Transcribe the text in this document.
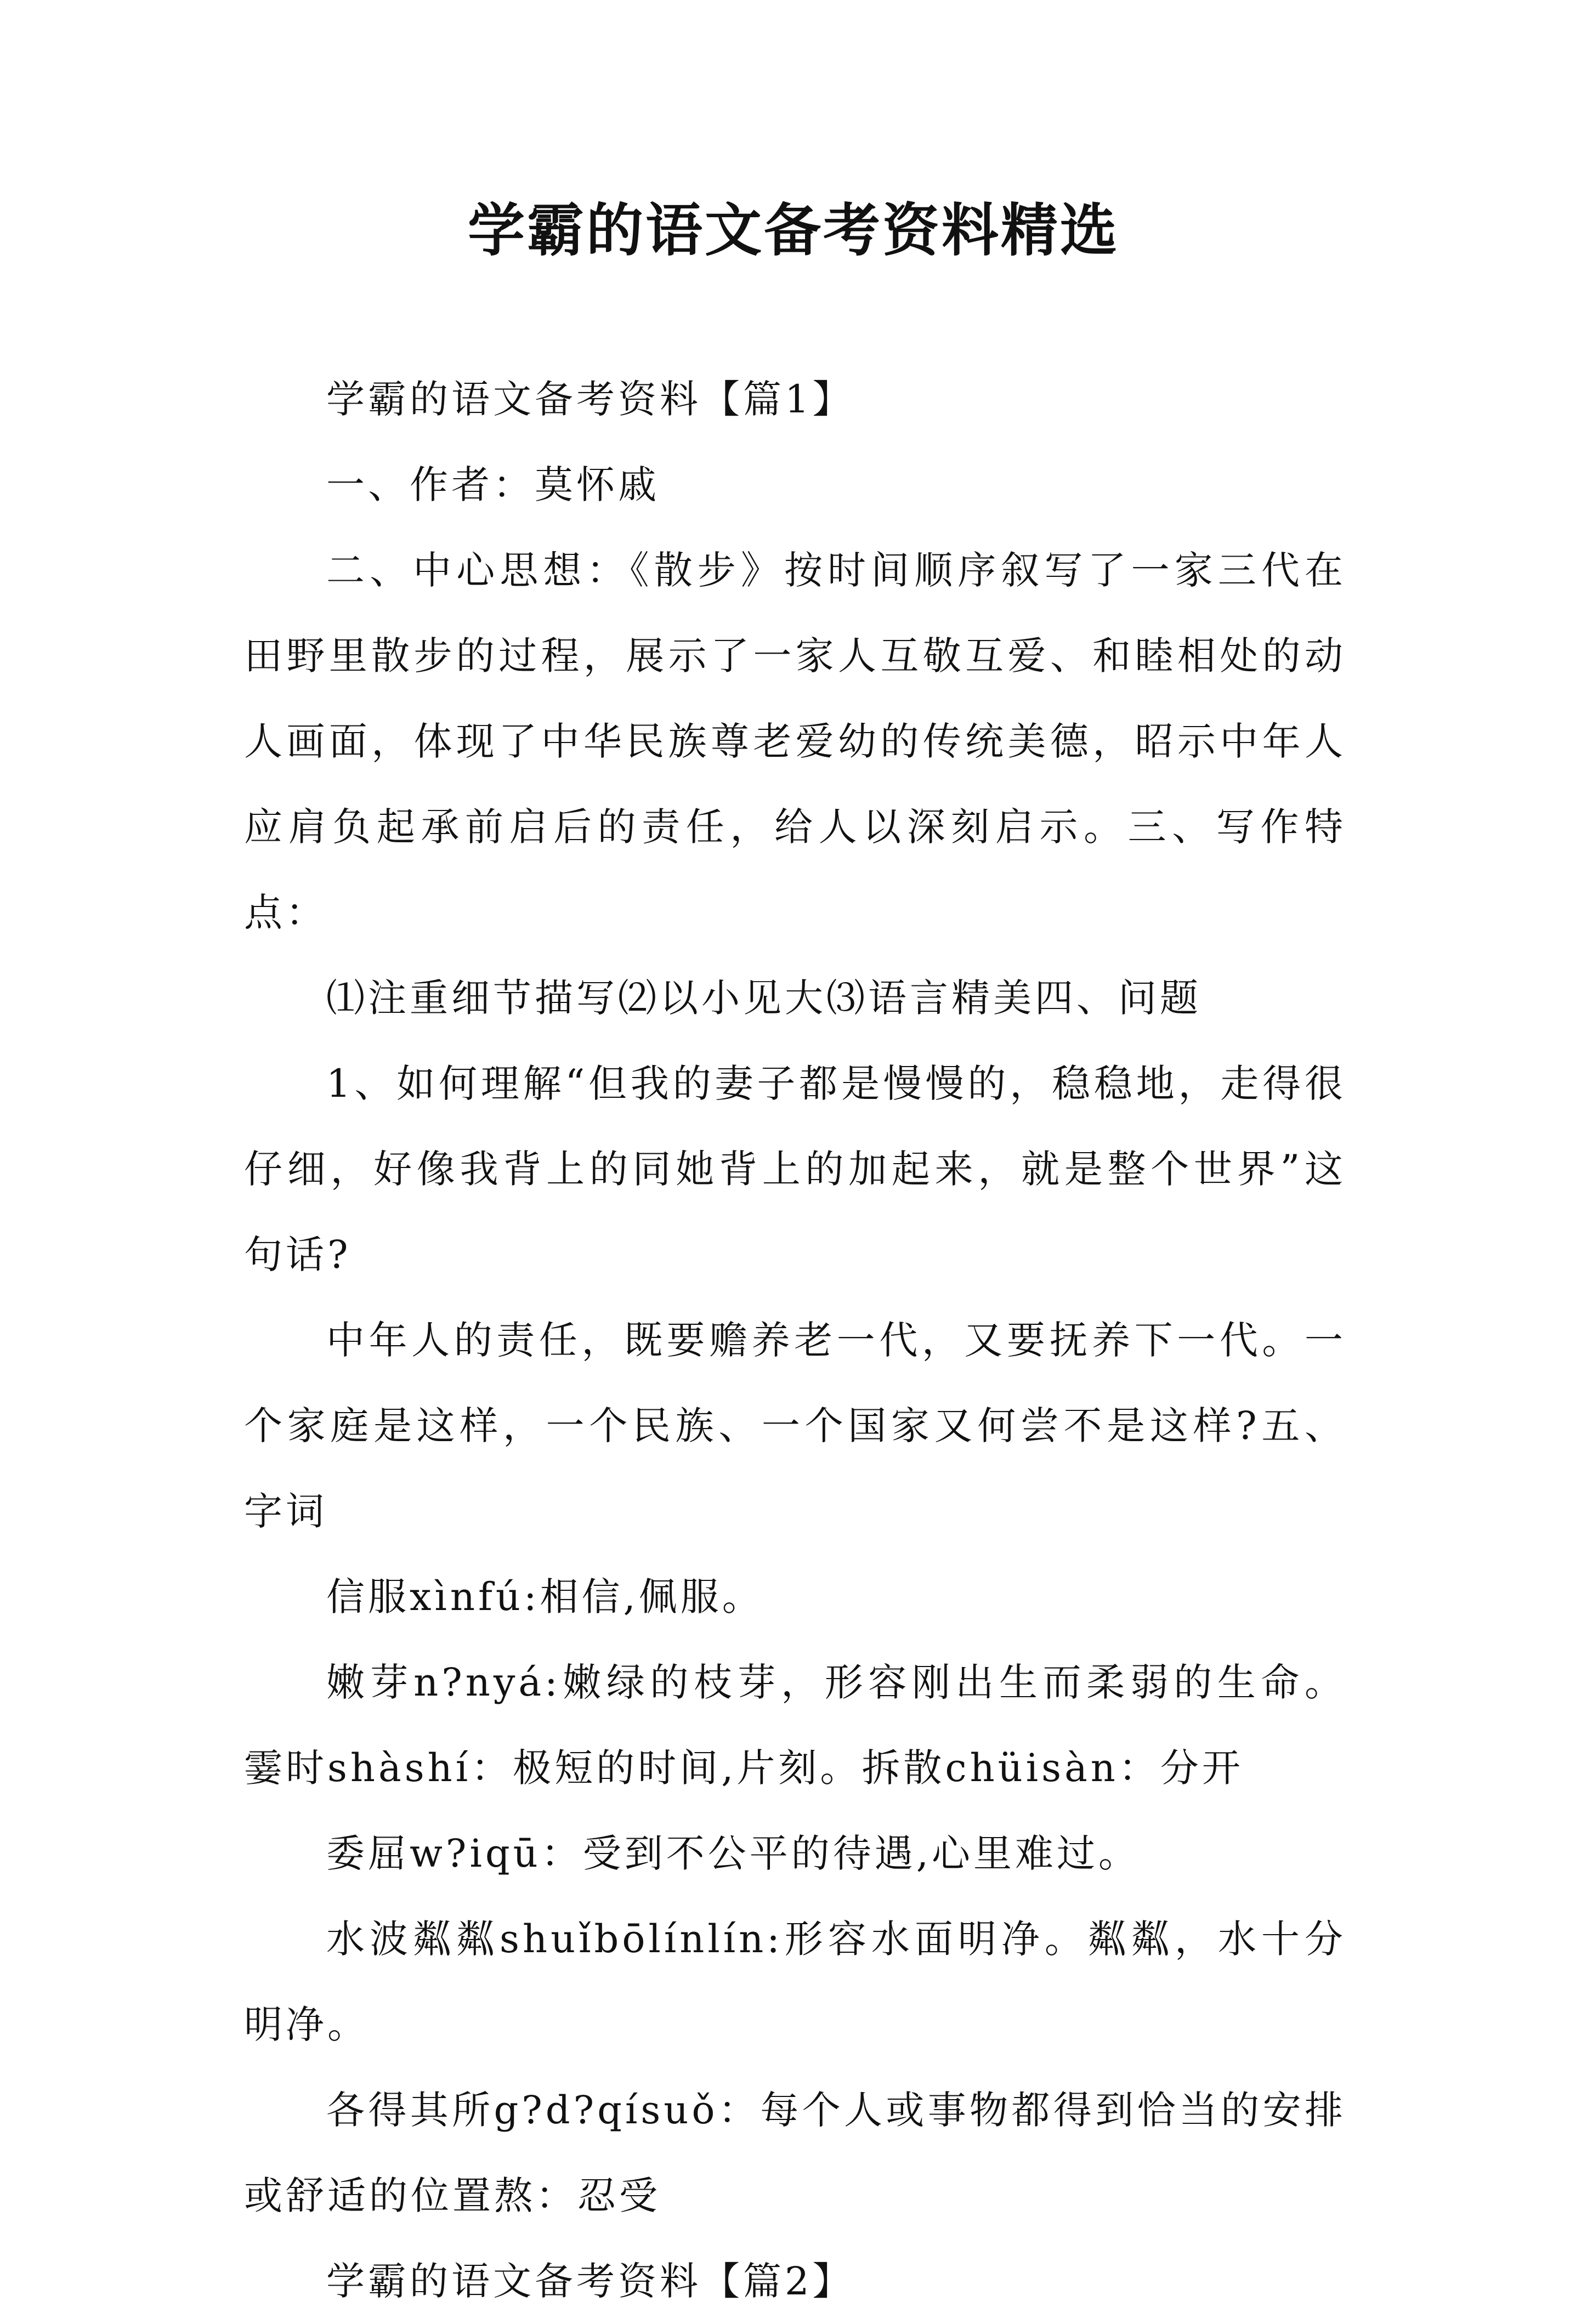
学霸的语文备考资料精选

学霸的语文备考资料【篇1】

一、作者：莫怀戚

二、中心思想：《散步》按时间顺序叙写了一家三代在田野里散步的过程，展示了一家人互敬互爱、和睦相处的动人画面，体现了中华民族尊老爱幼的传统美德，昭示中年人应肩负起承前启后的责任，给人以深刻启示。三、写作特点：

⑴注重细节描写⑵以小见大⑶语言精美四、问题

1、如何理解“但我的妻子都是慢慢的，稳稳地，走得很仔细，好像我背上的同她背上的加起来，就是整个世界”这句话?

中年人的责任，既要赡养老一代，又要抚养下一代。一个家庭是这样，一个民族、一个国家又何尝不是这样?五、字词

信服xìnfú:相信,佩服。

嫩芽n?nyá:嫩绿的枝芽，形容刚出生而柔弱的生命。霎时shàshí：极短的时间,片刻。拆散chüisàn：分开

委屈w?iqū：受到不公平的待遇,心里难过。

水波粼粼shuǐbōlínlín:形容水面明净。粼粼，水十分明净。

各得其所g?d?qísuǒ：每个人或事物都得到恰当的安排或舒适的位置熬：忍受

学霸的语文备考资料【篇2】
